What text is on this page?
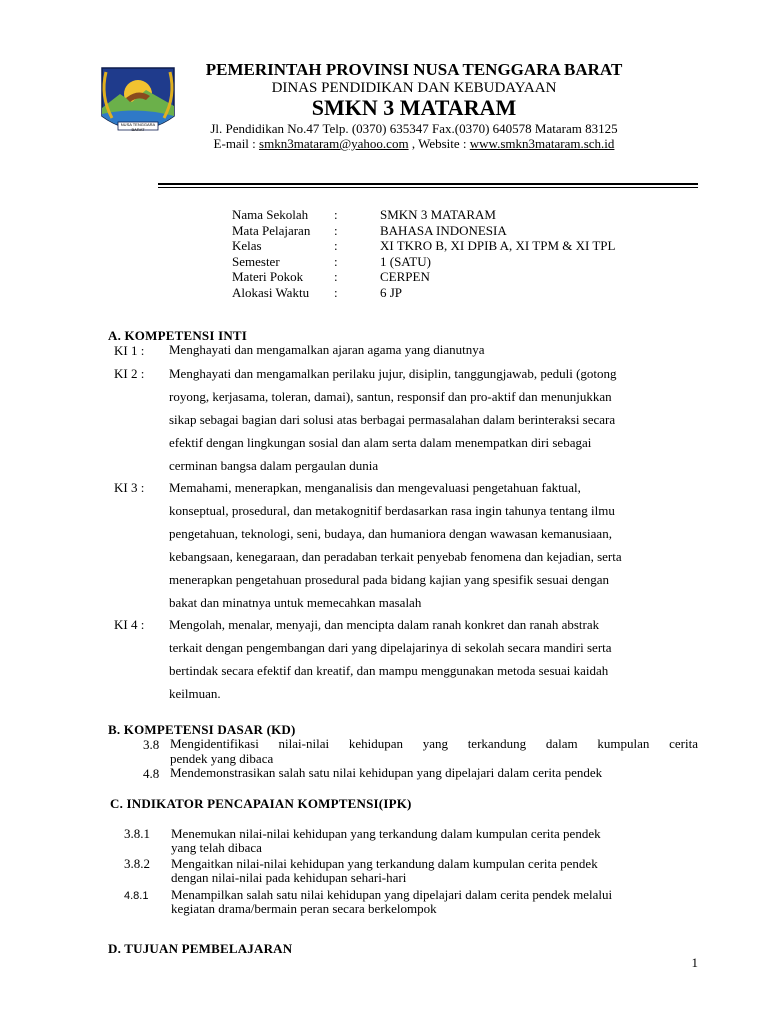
NUSA TENGGARA BARAT
PEMERINTAH PROVINSI NUSA TENGGARA BARAT
DINAS PENDIDIKAN DAN KEBUDAYAAN
SMKN 3 MATARAM
Jl. Pendidikan No.47 Telp. (0370) 635347 Fax.(0370) 640578 Mataram 83125
E-mail : smkn3mataram@yahoo.com , Website : www.smkn3mataram.sch.id
Nama Sekolah	:	SMKN 3 MATARAM
Mata Pelajaran	:	BAHASA INDONESIA
Kelas	:	XI TKRO B, XI DPIB A, XI TPM & XI TPL
Semester	:	1 (SATU)
Materi Pokok	:	CERPEN
Alokasi Waktu	:	6 JP
A. KOMPETENSI INTI
KI 1 : Menghayati dan mengamalkan ajaran agama yang dianutnya
KI 2 : Menghayati dan mengamalkan perilaku jujur, disiplin, tanggungjawab, peduli (gotong
royong, kerjasama, toleran, damai), santun, responsif dan pro-aktif dan menunjukkan
sikap sebagai bagian dari solusi atas berbagai permasalahan dalam berinteraksi secara
efektif dengan lingkungan sosial dan alam serta dalam menempatkan diri sebagai
cerminan bangsa dalam pergaulan dunia
KI 3 : Memahami, menerapkan, menganalisis dan mengevaluasi pengetahuan faktual,
konseptual, prosedural, dan metakognitif berdasarkan rasa ingin tahunya tentang ilmu
pengetahuan, teknologi, seni, budaya, dan humaniora dengan wawasan kemanusiaan,
kebangsaan, kenegaraan, dan peradaban terkait penyebab fenomena dan kejadian, serta
menerapkan pengetahuan prosedural pada bidang kajian yang spesifik sesuai dengan
bakat dan minatnya untuk memecahkan masalah
KI 4 : Mengolah, menalar, menyaji, dan mencipta dalam ranah konkret dan ranah abstrak
terkait dengan pengembangan dari yang dipelajarinya di sekolah secara mandiri serta
bertindak secara efektif dan kreatif, dan mampu menggunakan metoda sesuai kaidah
keilmuan.
B. KOMPETENSI DASAR (KD)
3.8 Mengidentifikasi nilai-nilai kehidupan yang terkandung dalam kumpulan cerita
pendek yang dibaca
4.8 Mendemonstrasikan salah satu nilai kehidupan yang dipelajari dalam cerita pendek
C. INDIKATOR PENCAPAIAN KOMPTENSI(IPK)
3.8.1 Menemukan nilai-nilai kehidupan yang terkandung dalam kumpulan cerita pendek
yang telah dibaca
3.8.2 Mengaitkan nilai-nilai kehidupan yang terkandung dalam kumpulan cerita pendek
dengan nilai-nilai pada kehidupan sehari-hari
4.8.1 Menampilkan salah satu nilai kehidupan yang dipelajari dalam cerita pendek melalui
kegiatan drama/bermain peran secara berkelompok
D. TUJUAN PEMBELAJARAN
1
